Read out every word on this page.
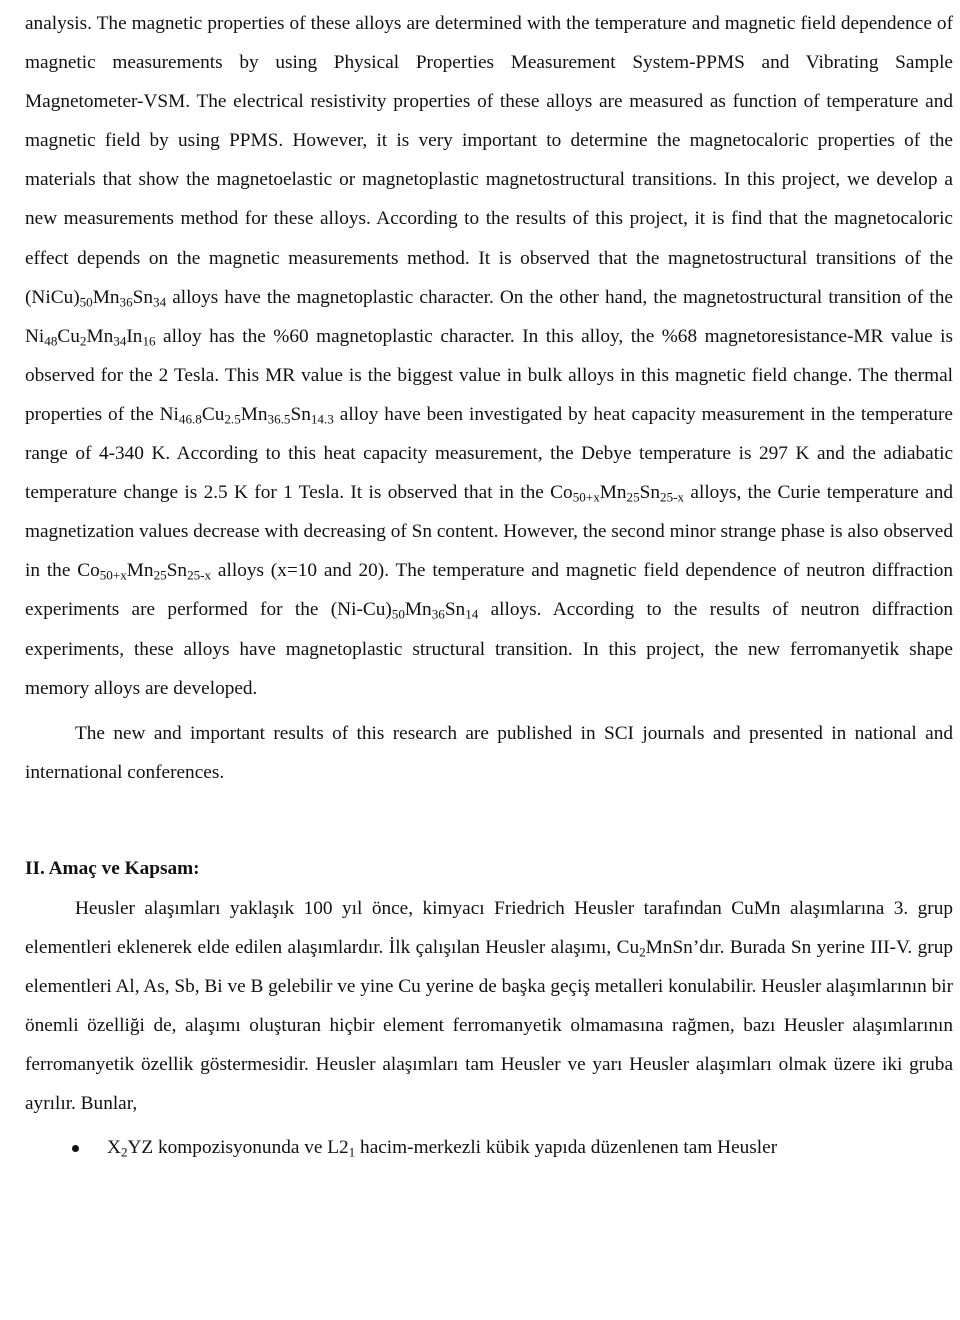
analysis. The magnetic properties of these alloys are determined with the temperature and magnetic field dependence of magnetic measurements by using Physical Properties Measurement System-PPMS and Vibrating Sample Magnetometer-VSM. The electrical resistivity properties of these alloys are measured as function of temperature and magnetic field by using PPMS. However, it is very important to determine the magnetocaloric properties of the materials that show the magnetoelastic or magnetoplastic magnetostructural transitions. In this project, we develop a new measurements method for these alloys. According to the results of this project, it is find that the magnetocaloric effect depends on the magnetic measurements method. It is observed that the magnetostructural transitions of the $(NiCu)_{50}Mn_{36}Sn_{34}$ alloys have the magnetoplastic character. On the other hand, the magnetostructural transition of the $Ni_{48}Cu_2Mn_{34}In_{16}$ alloy has the %60 magnetoplastic character. In this alloy, the %68 magnetoresistance-MR value is observed for the 2 Tesla. This MR value is the biggest value in bulk alloys in this magnetic field change. The thermal properties of the $Ni_{46.8}Cu_{2.5}Mn_{36.5}Sn_{14.3}$ alloy have been investigated by heat capacity measurement in the temperature range of 4-340 K. According to this heat capacity measurement, the Debye temperature is 297 K and the adiabatic temperature change is 2.5 K for 1 Tesla. It is observed that in the $Co_{50+x}Mn_{25}Sn_{25-x}$ alloys, the Curie temperature and magnetization values decrease with decreasing of Sn content. However, the second minor strange phase is also observed in the $Co_{50+x}Mn_{25}Sn_{25-x}$ alloys (x=10 and 20). The temperature and magnetic field dependence of neutron diffraction experiments are performed for the $(Ni-Cu)_{50}Mn_{36}Sn_{14}$ alloys. According to the results of neutron diffraction experiments, these alloys have magnetoplastic structural transition. In this project, the new ferromanyetik shape memory alloys are developed.

The new and important results of this research are published in SCI journals and presented in national and international conferences.

II. Amaç ve Kapsam:

Heusler alaşımları yaklaşık 100 yıl önce, kimyacı Friedrich Heusler tarafından CuMn alaşımlarına 3. grup elementleri eklenerek elde edilen alaşımlardır. İlk çalışılan Heusler alaşımı, $Cu_2MnSn’dır$. Burada Sn yerine III-V. grup elementleri Al, As, Sb, Bi ve B gelebilir ve yine Cu yerine de başka geçiş metalleri konulabilir. Heusler alaşımlarının bir önemli özelliği de, alaşımı oluşturan hiçbir element ferromanyetik olmamasına rağmen, bazı Heusler alaşımlarının ferromanyetik özellik göstermesidir. Heusler alaşımları tam Heusler ve yarı Heusler alaşımları olmak üzere iki gruba ayrılır. Bunlar,

$X_2YZ$ kompozisyonunda ve $L2_1$ hacim-merkezli kübik yapıda düzenlenen tam Heusler
